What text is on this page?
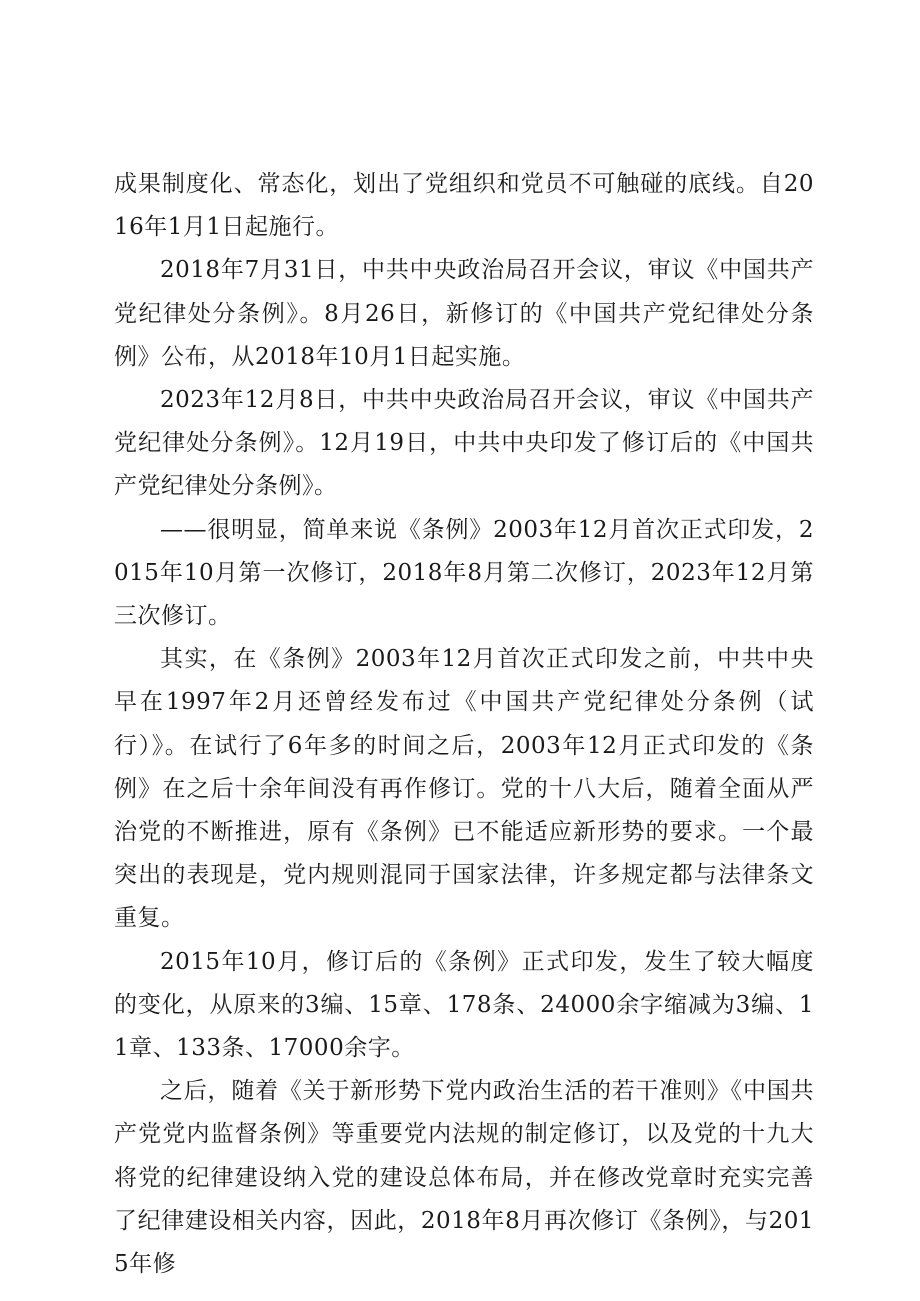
成果制度化、常态化，划出了党组织和党员不可触碰的底线。自2016年1月1日起施行。

2018年7月31日，中共中央政治局召开会议，审议《中国共产党纪律处分条例》。8月26日，新修订的《中国共产党纪律处分条例》公布，从2018年10月1日起实施。

2023年12月8日，中共中央政治局召开会议，审议《中国共产党纪律处分条例》。12月19日，中共中央印发了修订后的《中国共产党纪律处分条例》。

——很明显，简单来说《条例》2003年12月首次正式印发，2015年10月第一次修订，2018年8月第二次修订，2023年12月第三次修订。

其实，在《条例》2003年12月首次正式印发之前，中共中央早在1997年2月还曾经发布过《中国共产党纪律处分条例（试行）》。在试行了6年多的时间之后，2003年12月正式印发的《条例》在之后十余年间没有再作修订。党的十八大后，随着全面从严治党的不断推进，原有《条例》已不能适应新形势的要求。一个最突出的表现是，党内规则混同于国家法律，许多规定都与法律条文重复。

2015年10月，修订后的《条例》正式印发，发生了较大幅度的变化，从原来的3编、15章、178条、24000余字缩减为3编、11章、133条、17000余字。

之后，随着《关于新形势下党内政治生活的若干准则》《中国共产党党内监督条例》等重要党内法规的制定修订，以及党的十九大将党的纪律建设纳入党的建设总体布局，并在修改党章时充实完善了纪律建设相关内容，因此，2018年8月再次修订《条例》，与2015年修
